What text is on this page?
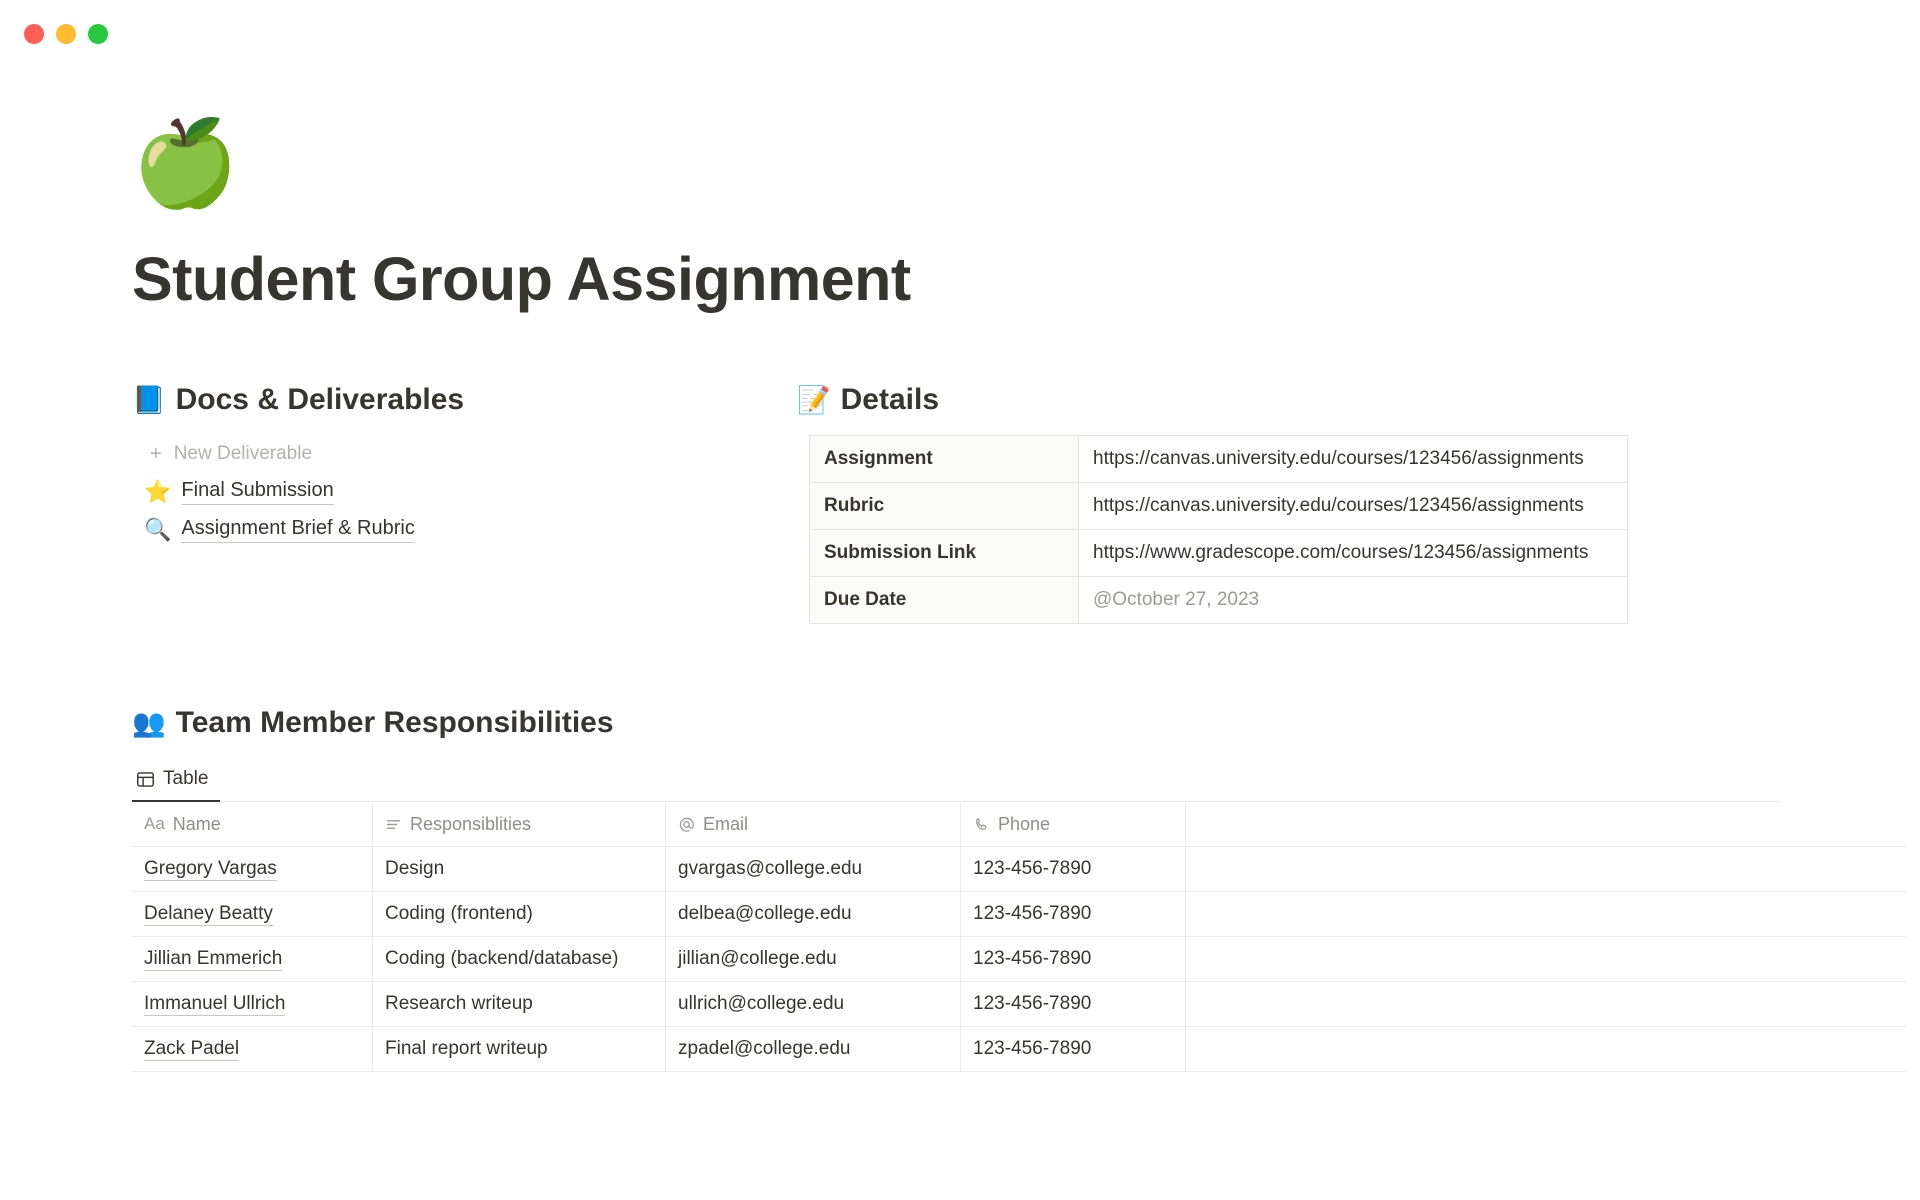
🍏
Student Group Assignment
📘 Docs & Deliverables
+ New Deliverable
⭐ Final Submission
🔍 Assignment Brief & Rubric
📝 Details
Assignment	https://canvas.university.edu/courses/123456/assignments
Rubric	https://canvas.university.edu/courses/123456/assignments
Submission Link	https://www.gradescope.com/courses/123456/assignments
Due Date	@October 27, 2023
👥 Team Member Responsibilities
Table
Aa Name	Responsiblities	Email	Phone	

Gregory Vargas	Design	gvargas@college.edu	123-456-7890	
Delaney Beatty	Coding (frontend)	delbea@college.edu	123-456-7890	
Jillian Emmerich	Coding (backend/database)	jillian@college.edu	123-456-7890	
Immanuel Ullrich	Research writeup	ullrich@college.edu	123-456-7890	
Zack Padel	Final report writeup	zpadel@college.edu	123-456-7890	
